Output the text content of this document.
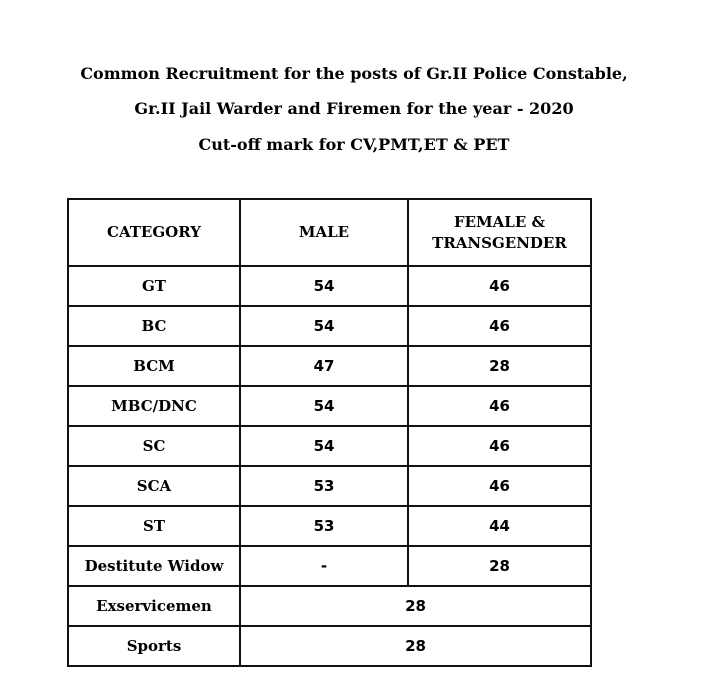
Common Recruitment for the posts of Gr.II Police Constable,
Gr.II Jail Warder and Firemen for the year - 2020
Cut-off mark for CV,PMT,ET & PET
CATEGORY	MALE	FEMALE &
TRANSGENDER

GT	54	46
BC	54	46
BCM	47	28
MBC/DNC	54	46
SC	54	46
SCA	53	46
ST	53	44
Destitute Widow	-	28
Exservicemen	28	
Sports	28	
